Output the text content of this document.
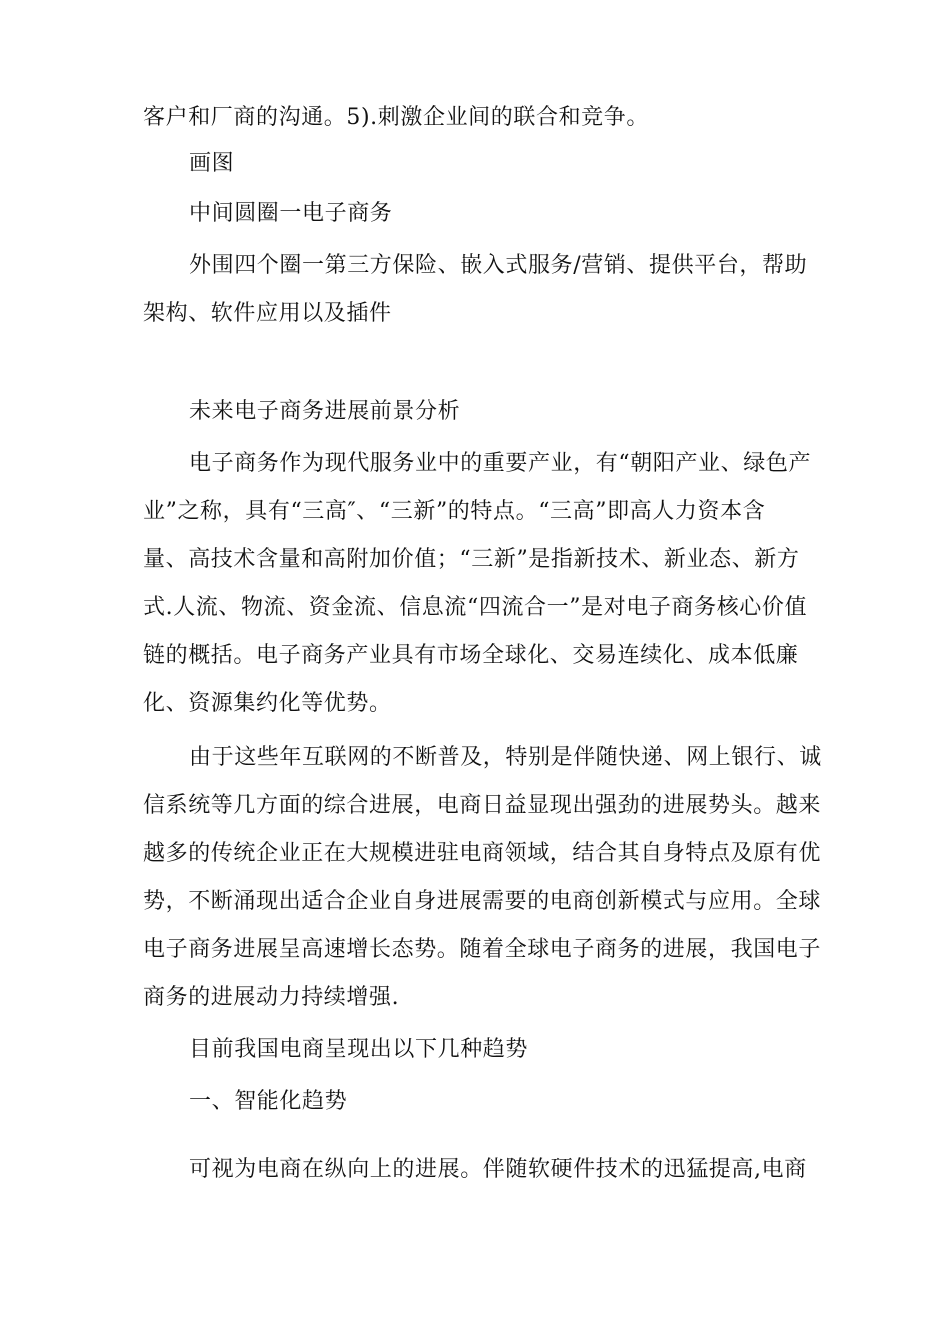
客户和厂商的沟通。5).刺激企业间的联合和竞争。
画图
中间圆圈一电子商务
外围四个圈一第三方保险、嵌入式服务/营销、提供平台，帮助
架构、软件应用以及插件
未来电子商务进展前景分析
电子商务作为现代服务业中的重要产业，有“朝阳产业、绿色产
业”之称，具有“三高″、“三新”的特点。“三高”即高人力资本含
量、高技术含量和高附加价值；“三新”是指新技术、新业态、新方
式.人流、物流、资金流、信息流“四流合一”是对电子商务核心价值
链的概括。电子商务产业具有市场全球化、交易连续化、成本低廉
化、资源集约化等优势。
由于这些年互联网的不断普及，特别是伴随快递、网上银行、诚
信系统等几方面的综合进展，电商日益显现出强劲的进展势头。越来
越多的传统企业正在大规模进驻电商领域，结合其自身特点及原有优
势，不断涌现出适合企业自身进展需要的电商创新模式与应用。全球
电子商务进展呈高速增长态势。随着全球电子商务的进展，我国电子
商务的进展动力持续增强.
目前我国电商呈现出以下几种趋势
一、智能化趋势
可视为电商在纵向上的进展。伴随软硬件技术的迅猛提高,电商
